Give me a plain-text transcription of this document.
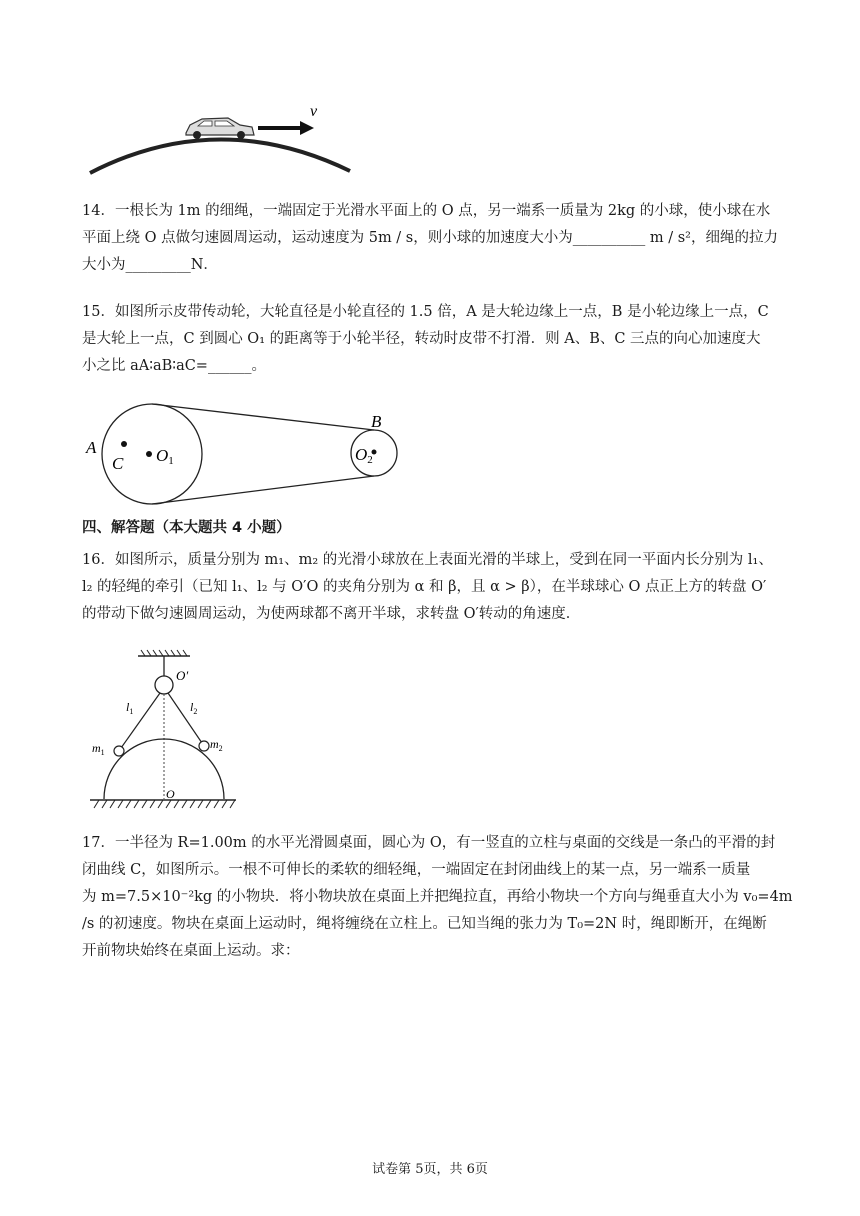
v
14．一根长为 1m 的细绳，一端固定于光滑水平面上的 O 点，另一端系一质量为 2kg 的小球，使小球在水
平面上绕 O 点做匀速圆周运动，运动速度为 5m / s，则小球的加速度大小为__________ m / s²，细绳的拉力
大小为_________N．
15．如图所示皮带传动轮，大轮直径是小轮直径的 1.5 倍，A 是大轮边缘上一点，B 是小轮边缘上一点，C
是大轮上一点，C 到圆心 O₁ 的距离等于小轮半径，转动时皮带不打滑．则 A、B、C 三点的向心加速度大
小之比 aA∶aB∶aC=______。
A
C O1
B
O2
四、解答题（本大题共 4 小题）
16．如图所示，质量分别为 m₁、m₂ 的光滑小球放在上表面光滑的半球上，受到在同一平面内长分别为 l₁、
l₂ 的轻绳的牵引（已知 l₁、l₂ 与 O′O 的夹角分别为 α 和 β，且 α > β），在半球球心 O 点正上方的转盘 O′
的带动下做匀速圆周运动，为使两球都不离开半球，求转盘 O′转动的角速度．
O′
$l_1$	$l_2$
$m_1$
$m_2$
O
17．一半径为 R=1.00m 的水平光滑圆桌面，圆心为 O，有一竖直的立柱与桌面的交线是一条凸的平滑的封
闭曲线 C，如图所示。一根不可伸长的柔软的细轻绳，一端固定在封闭曲线上的某一点，另一端系一质量
为 m=7.5×10⁻²kg 的小物块．将小物块放在桌面上并把绳拉直，再给小物块一个方向与绳垂直大小为 v₀=4m
/s 的初速度。物块在桌面上运动时，绳将缠绕在立柱上。已知当绳的张力为 T₀=2N 时，绳即断开，在绳断
开前物块始终在桌面上运动。求：
试卷第 5页，共 6页
